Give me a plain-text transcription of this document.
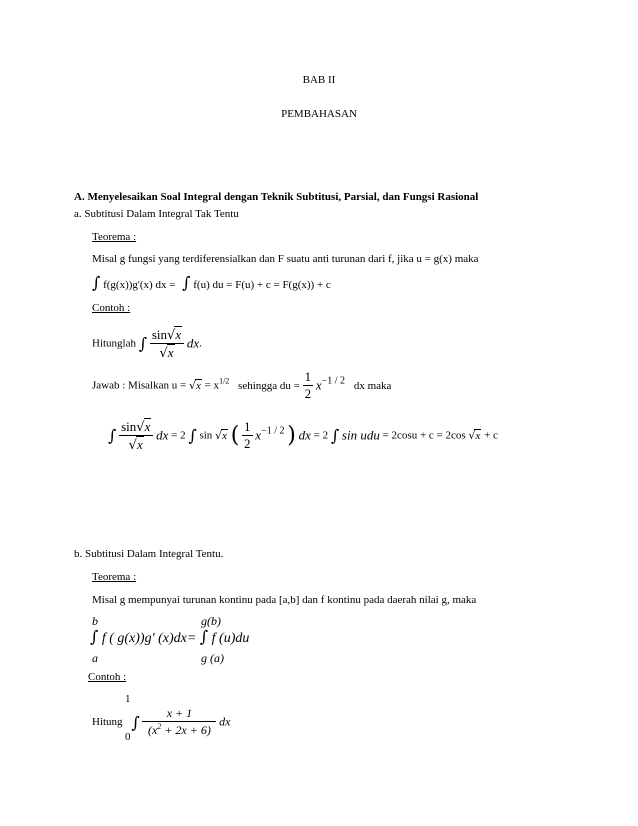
BAB II
PEMBAHASAN
A. Menyelesaikan Soal Integral dengan Teknik Subtitusi, Parsial, dan Fungsi Rasional
a. Subtitusi Dalam Integral Tak Tentu
Teorema :
Misal g fungsi yang terdiferensialkan dan F suatu anti turunan dari f, jika u = g(x) maka
∫ f(g(x))g'(x) dx = ∫ f(u) du = F(u) + c = F(g(x)) + c
Contoh :
Hitunglah ∫ $\frac{\sin√x}{√x}$ dx.
Jawab : Misalkan $u = √x = x^{1/2}$ sehingga du = $\frac{1}{2} x-1 / 2$ dx maka
∫ $\frac{\sin√x}{√x}$ dx = 2 ∫ sin √x ( $\frac{1}{2} x-1 / 2$ ) dx = 2 ∫ sin udu = 2cosu + c = 2cos √x + c
b. Subtitusi Dalam Integral Tentu.
Teorema :
Misal g mempunyai turunan kontinu pada [a,b] dan f kontinu pada daerah nilai g, maka
b
a
g(b)
g (a)
∫ f ( g(x))g' (x)dx= ∫ f (u)du
Contoh :
1
0
Hitung ∫ $\frac{x + 1}{(x^2 + 2x + 6)}$ dx
